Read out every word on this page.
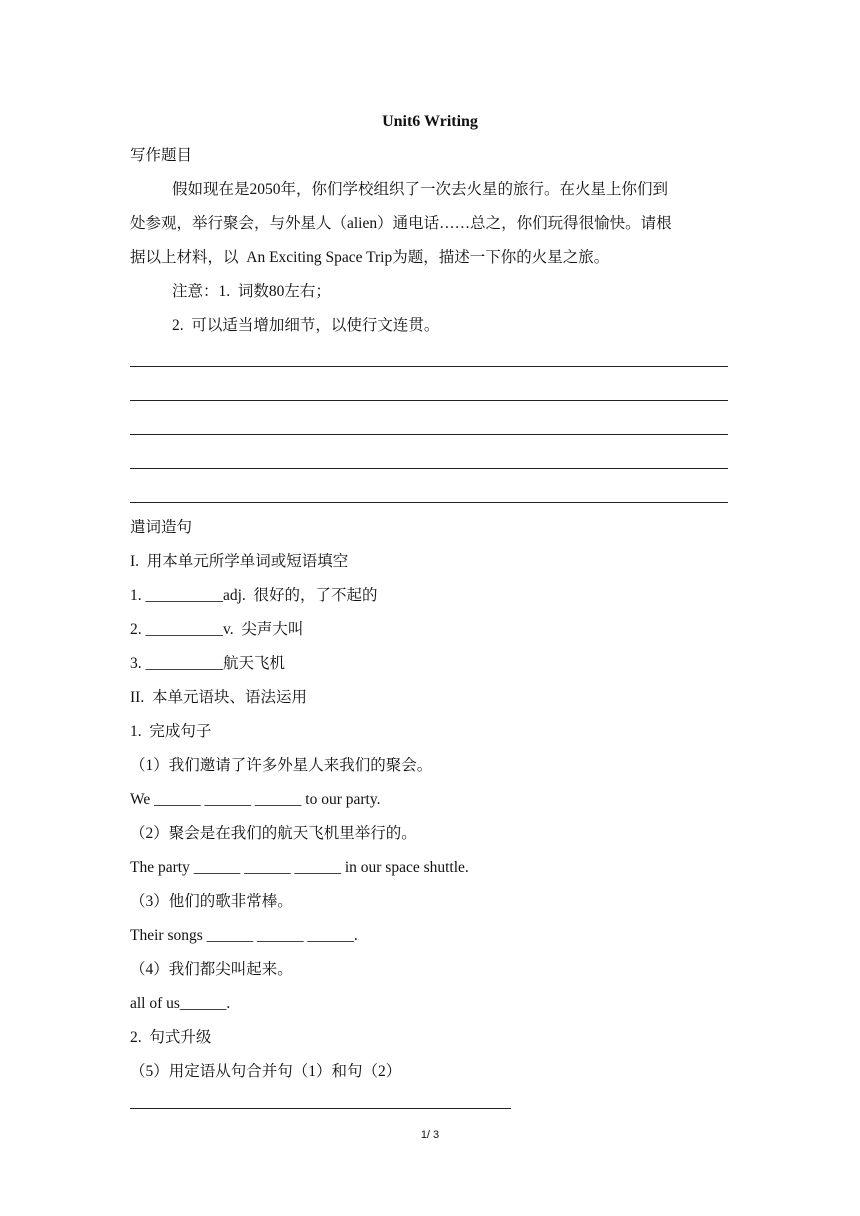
Unit6 Writing
写作题目
假如现在是2050年，你们学校组织了一次去火星的旅行。在火星上你们到
处参观，举行聚会，与外星人（alien）通电话……总之，你们玩得很愉快。请根
据以上材料，以  An Exciting Space Trip为题，描述一下你的火星之旅。
注意：1.  词数80左右；
2.  可以适当增加细节，以使行文连贯。
遣词造句
I.  用本单元所学单词或短语填空
1. __________adj.  很好的，了不起的
2. __________v.  尖声大叫
3. __________航天飞机
II.  本单元语块、语法运用
1.  完成句子
（1）我们邀请了许多外星人来我们的聚会。
We ______ ______ ______ to our party.
（2）聚会是在我们的航天飞机里举行的。
The party ______ ______ ______ in our space shuttle.
（3）他们的歌非常棒。
Their songs ______ ______ ______.
（4）我们都尖叫起来。
all of us______.
2.  句式升级
（5）用定语从句合并句（1）和句（2）
1/ 3
